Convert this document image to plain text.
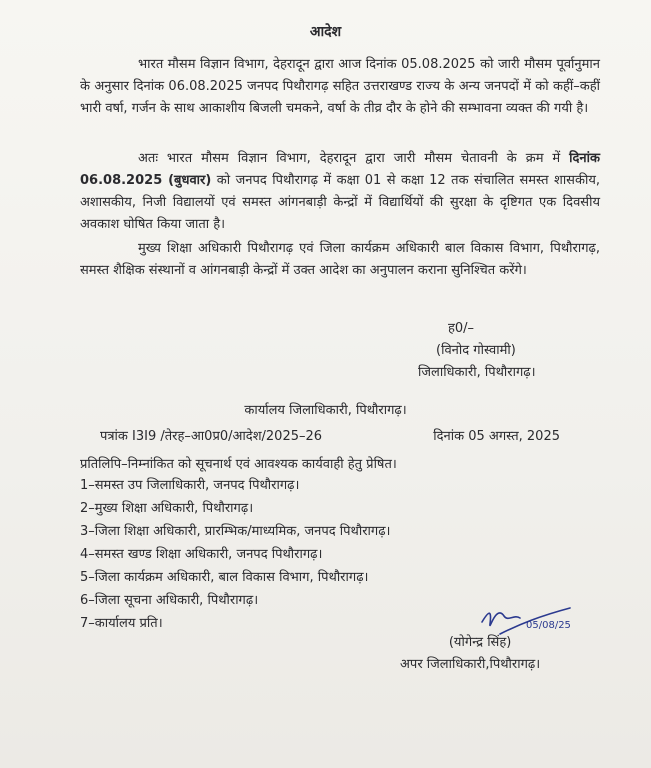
आदेश

भारत मौसम विज्ञान विभाग, देहरादून द्वारा आज दिनांक 05.08.2025 को जारी मौसम पूर्वानुमान के अनुसार दिनांक 06.08.2025 जनपद पिथौरागढ़ सहित उत्तराखण्ड राज्य के अन्य जनपदों में को कहीं–कहीं भारी वर्षा, गर्जन के साथ आकाशीय बिजली चमकने, वर्षा के तीव्र दौर के होने की सम्भावना व्यक्त की गयी है।

अतः भारत मौसम विज्ञान विभाग, देहरादून द्वारा जारी मौसम चेतावनी के क्रम में दिनांक 06.08.2025 (बुधवार) को जनपद पिथौरागढ़ में कक्षा 01 से कक्षा 12 तक संचालित समस्त शासकीय, अशासकीय, निजी विद्यालयों एवं समस्त आंगनबाड़ी केन्द्रों में विद्यार्थियों की सुरक्षा के दृष्टिगत एक दिवसीय अवकाश घोषित किया जाता है।

मुख्य शिक्षा अधिकारी पिथौरागढ़ एवं जिला कार्यक्रम अधिकारी बाल विकास विभाग, पिथौरागढ़, समस्त शैक्षिक संस्थानों व आंगनबाड़ी केन्द्रों में उक्त आदेश का अनुपालन कराना सुनिश्चित करेंगे।

ह0/–
(विनोद गोस्वामी)
जिलाधिकारी, पिथौरागढ़।
कार्यालय जिलाधिकारी, पिथौरागढ़।
पत्रांक I3I9 /तेरह–आ0प्र0/आदेश/2025–26	दिनांक 05 अगस्त, 2025
प्रतिलिपि–निम्नांकित को सूचनार्थ एवं आवश्यक कार्यवाही हेतु प्रेषित।
1–समस्त उप जिलाधिकारी, जनपद पिथौरागढ़।
2–मुख्य शिक्षा अधिकारी, पिथौरागढ़।
3–जिला शिक्षा अधिकारी, प्रारम्भिक/माध्यमिक, जनपद पिथौरागढ़।
4–समस्त खण्ड शिक्षा अधिकारी, जनपद पिथौरागढ़।
5–जिला कार्यक्रम अधिकारी, बाल विकास विभाग, पिथौरागढ़।
6–जिला सूचना अधिकारी, पिथौरागढ़।
7–कार्यालय प्रति।	05/08/25
(योगेन्द्र सिंह)
अपर जिलाधिकारी,पिथौरागढ़।
